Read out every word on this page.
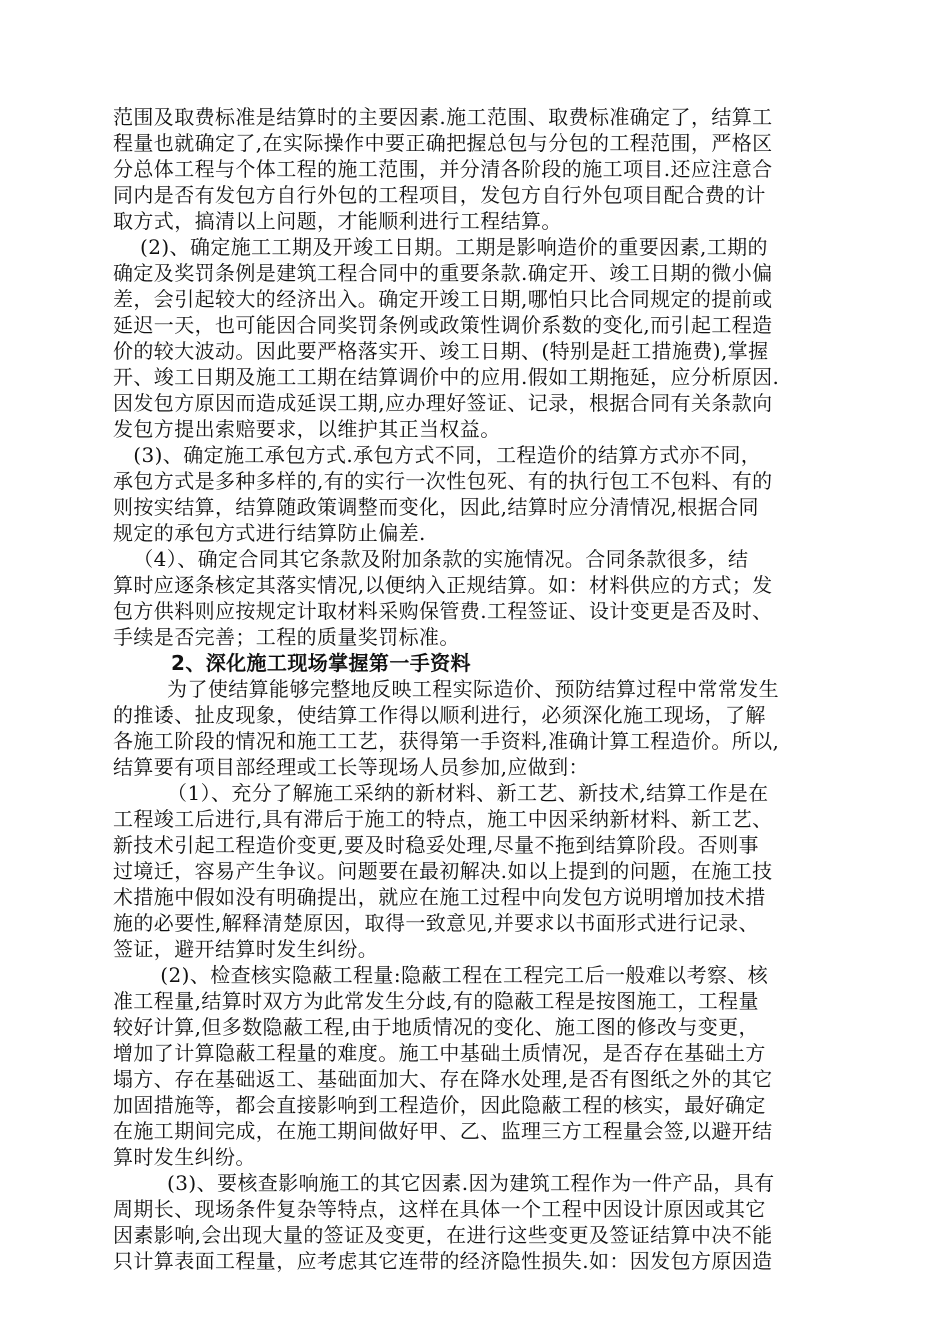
范围及取费标准是结算时的主要因素.施工范围、取费标准确定了，结算工
程量也就确定了,在实际操作中要正确把握总包与分包的工程范围，严格区
分总体工程与个体工程的施工范围，并分清各阶段的施工项目.还应注意合
同内是否有发包方自行外包的工程项目，发包方自行外包项目配合费的计
取方式，搞清以上问题，才能顺利进行工程结算。
(2)、确定施工工期及开竣工日期。工期是影响造价的重要因素,工期的
确定及奖罚条例是建筑工程合同中的重要条款.确定开、竣工日期的微小偏
差，会引起较大的经济出入。确定开竣工日期,哪怕只比合同规定的提前或
延迟一天，也可能因合同奖罚条例或政策性调价系数的变化,而引起工程造
价的较大波动。因此要严格落实开、竣工日期、(特别是赶工措施费),掌握
开、竣工日期及施工工期在结算调价中的应用.假如工期拖延，应分析原因.
因发包方原因而造成延误工期,应办理好签证、记录，根据合同有关条款向
发包方提出索赔要求，以维护其正当权益。
(3)、确定施工承包方式.承包方式不同，工程造价的结算方式亦不同，
承包方式是多种多样的,有的实行一次性包死、有的执行包工不包料、有的
则按实结算，结算随政策调整而变化，因此,结算时应分清情况,根据合同
规定的承包方式进行结算防止偏差.
（4）、确定合同其它条款及附加条款的实施情况。合同条款很多，结
算时应逐条核定其落实情况,以便纳入正规结算。如：材料供应的方式；发
包方供料则应按规定计取材料采购保管费.工程签证、设计变更是否及时、
手续是否完善；工程的质量奖罚标准。
2、深化施工现场掌握第一手资料
为了使结算能够完整地反映工程实际造价、预防结算过程中常常发生
的推诿、扯皮现象，使结算工作得以顺利进行，必须深化施工现场，了解
各施工阶段的情况和施工工艺，获得第一手资料,准确计算工程造价。所以,
结算要有项目部经理或工长等现场人员参加,应做到：
（1）、充分了解施工采纳的新材料、新工艺、新技术,结算工作是在
工程竣工后进行,具有滞后于施工的特点，施工中因采纳新材料、新工艺、
新技术引起工程造价变更,要及时稳妥处理,尽量不拖到结算阶段。否则事
过境迁，容易产生争议。问题要在最初解决.如以上提到的问题，在施工技
术措施中假如没有明确提出，就应在施工过程中向发包方说明增加技术措
施的必要性,解释清楚原因，取得一致意见,并要求以书面形式进行记录、
签证，避开结算时发生纠纷。
(2)、检查核实隐蔽工程量:隐蔽工程在工程完工后一般难以考察、核
准工程量,结算时双方为此常发生分歧,有的隐蔽工程是按图施工，工程量
较好计算,但多数隐蔽工程,由于地质情况的变化、施工图的修改与变更，
增加了计算隐蔽工程量的难度。施工中基础土质情况，是否存在基础土方
塌方、存在基础返工、基础面加大、存在降水处理,是否有图纸之外的其它
加固措施等，都会直接影响到工程造价，因此隐蔽工程的核实，最好确定
在施工期间完成，在施工期间做好甲、乙、监理三方工程量会签,以避开结
算时发生纠纷。
(3)、要核查影响施工的其它因素.因为建筑工程作为一件产品，具有
周期长、现场条件复杂等特点，这样在具体一个工程中因设计原因或其它
因素影响,会出现大量的签证及变更，在进行这些变更及签证结算中决不能
只计算表面工程量，应考虑其它连带的经济隐性损失.如：因发包方原因造
